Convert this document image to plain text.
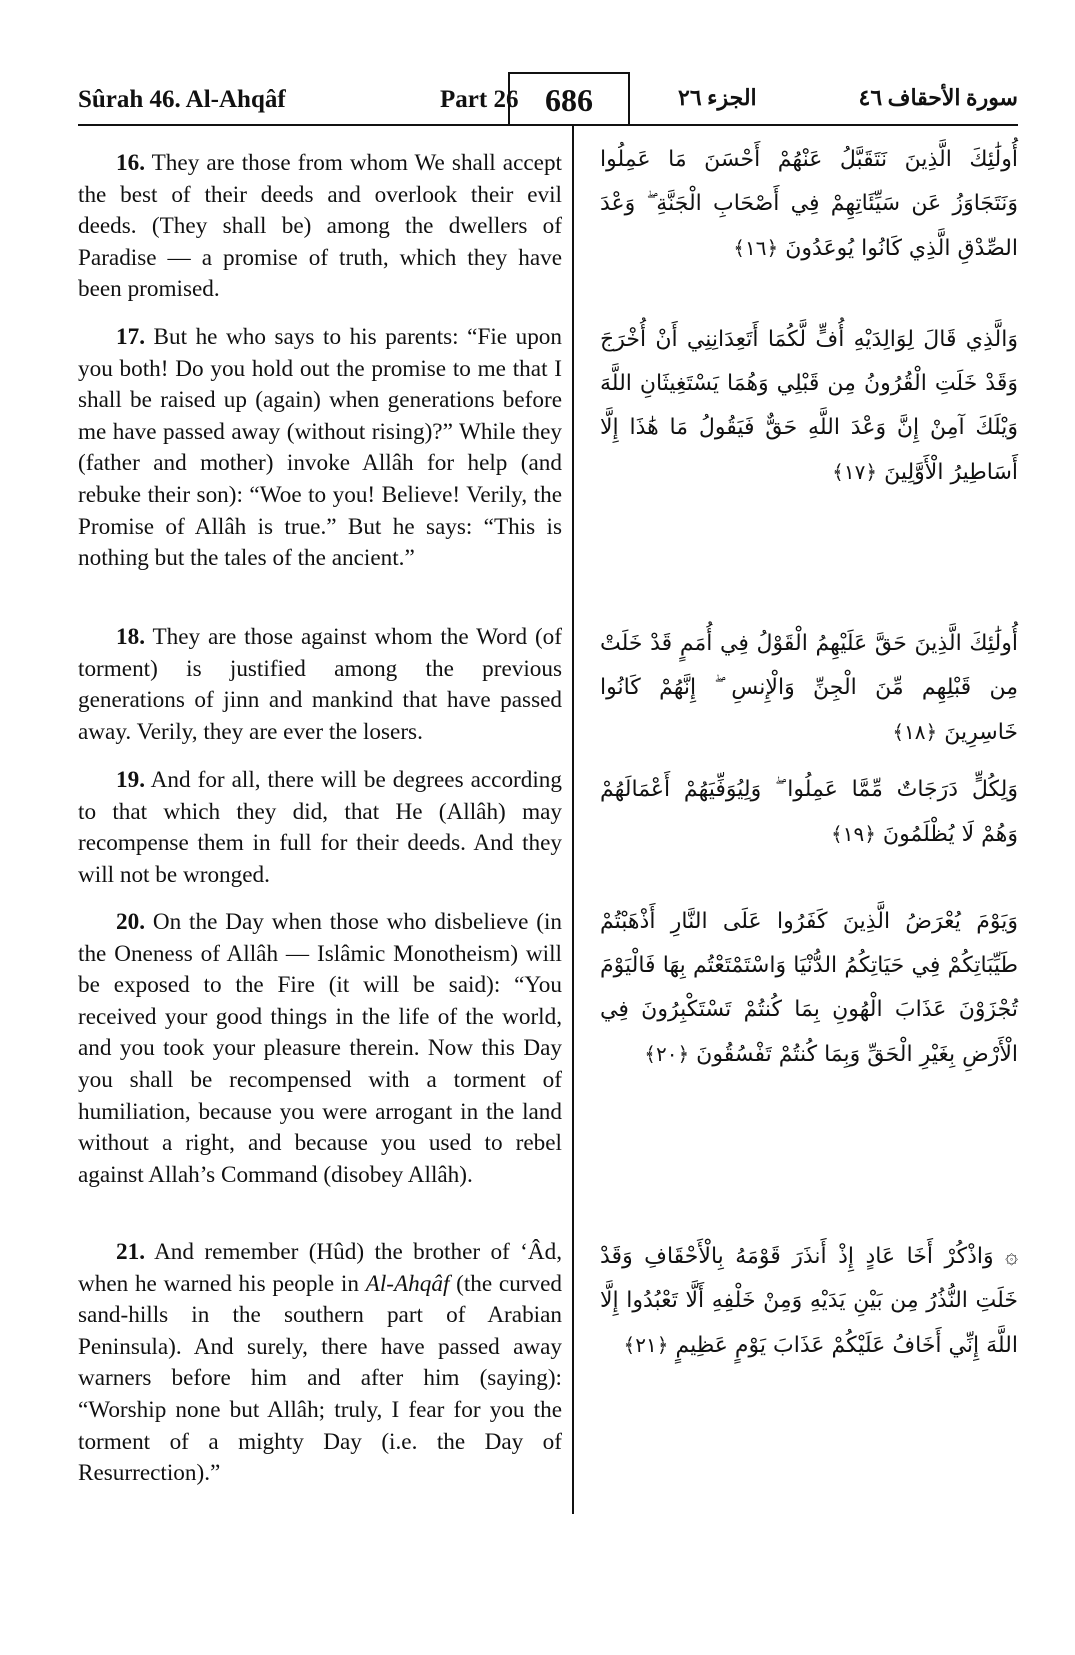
Sûrah 46. Al-Ahqâf	Part 26 686	الجزء ٢٦	سورة الأحقاف ٤٦

16. They are those from whom We shall accept the best of their deeds and overlook their evil deeds. (They shall be) among the dwellers of Paradise — a promise of truth, which they have been promised.

أُولَٰئِكَ الَّذِينَ نَتَقَبَّلُ عَنْهُمْ أَحْسَنَ مَا عَمِلُوا وَنَتَجَاوَزُ عَن سَيِّئَاتِهِمْ فِي أَصْحَابِ الْجَنَّةِ ۖ وَعْدَ الصِّدْقِ الَّذِي كَانُوا يُوعَدُونَ ﴿١٦﴾

17. But he who says to his parents: “Fie upon you both! Do you hold out the promise to me that I shall be raised up (again) when generations before me have passed away (without rising)?” While they (father and mother) invoke Allâh for help (and rebuke their son): “Woe to you! Believe! Verily, the Promise of Allâh is true.” But he says: “This is nothing but the tales of the ancient.”

وَالَّذِي قَالَ لِوَالِدَيْهِ أُفٍّ لَّكُمَا أَتَعِدَانِنِي أَنْ أُخْرَجَ وَقَدْ خَلَتِ الْقُرُونُ مِن قَبْلِي وَهُمَا يَسْتَغِيثَانِ اللَّهَ وَيْلَكَ آمِنْ إِنَّ وَعْدَ اللَّهِ حَقٌّ فَيَقُولُ مَا هَٰذَا إِلَّا أَسَاطِيرُ الْأَوَّلِينَ ﴿١٧﴾

18. They are those against whom the Word (of torment) is justified among the previous generations of jinn and mankind that have passed away. Verily, they are ever the losers.

أُولَٰئِكَ الَّذِينَ حَقَّ عَلَيْهِمُ الْقَوْلُ فِي أُمَمٍ قَدْ خَلَتْ مِن قَبْلِهِم مِّنَ الْجِنِّ وَالْإِنسِ ۖ إِنَّهُمْ كَانُوا خَاسِرِينَ ﴿١٨﴾

19. And for all, there will be degrees according to that which they did, that He (Allâh) may recompense them in full for their deeds. And they will not be wronged.

وَلِكُلٍّ دَرَجَاتٌ مِّمَّا عَمِلُوا ۖ وَلِيُوَفِّيَهُمْ أَعْمَالَهُمْ وَهُمْ لَا يُظْلَمُونَ ﴿١٩﴾

20. On the Day when those who disbelieve (in the Oneness of Allâh — Islâmic Monotheism) will be exposed to the Fire (it will be said): “You received your good things in the life of the world, and you took your pleasure therein. Now this Day you shall be recompensed with a torment of humiliation, because you were arrogant in the land without a right, and because you used to rebel against Allah’s Command (disobey Allâh).

وَيَوْمَ يُعْرَضُ الَّذِينَ كَفَرُوا عَلَى النَّارِ أَذْهَبْتُمْ طَيِّبَاتِكُمْ فِي حَيَاتِكُمُ الدُّنْيَا وَاسْتَمْتَعْتُم بِهَا فَالْيَوْمَ تُجْزَوْنَ عَذَابَ الْهُونِ بِمَا كُنتُمْ تَسْتَكْبِرُونَ فِي الْأَرْضِ بِغَيْرِ الْحَقِّ وَبِمَا كُنتُمْ تَفْسُقُونَ ﴿٢٠﴾

21. And remember (Hûd) the brother of ‘Âd, when he warned his people in Al-Ahqâf (the curved sand-hills in the southern part of Arabian Peninsula). And surely, there have passed away warners before him and after him (saying): “Worship none but Allâh; truly, I fear for you the torment of a mighty Day (i.e. the Day of Resurrection).”

۞ وَاذْكُرْ أَخَا عَادٍ إِذْ أَنذَرَ قَوْمَهُ بِالْأَحْقَافِ وَقَدْ خَلَتِ النُّذُرُ مِن بَيْنِ يَدَيْهِ وَمِنْ خَلْفِهِ أَلَّا تَعْبُدُوا إِلَّا اللَّهَ إِنِّي أَخَافُ عَلَيْكُمْ عَذَابَ يَوْمٍ عَظِيمٍ ﴿٢١﴾
